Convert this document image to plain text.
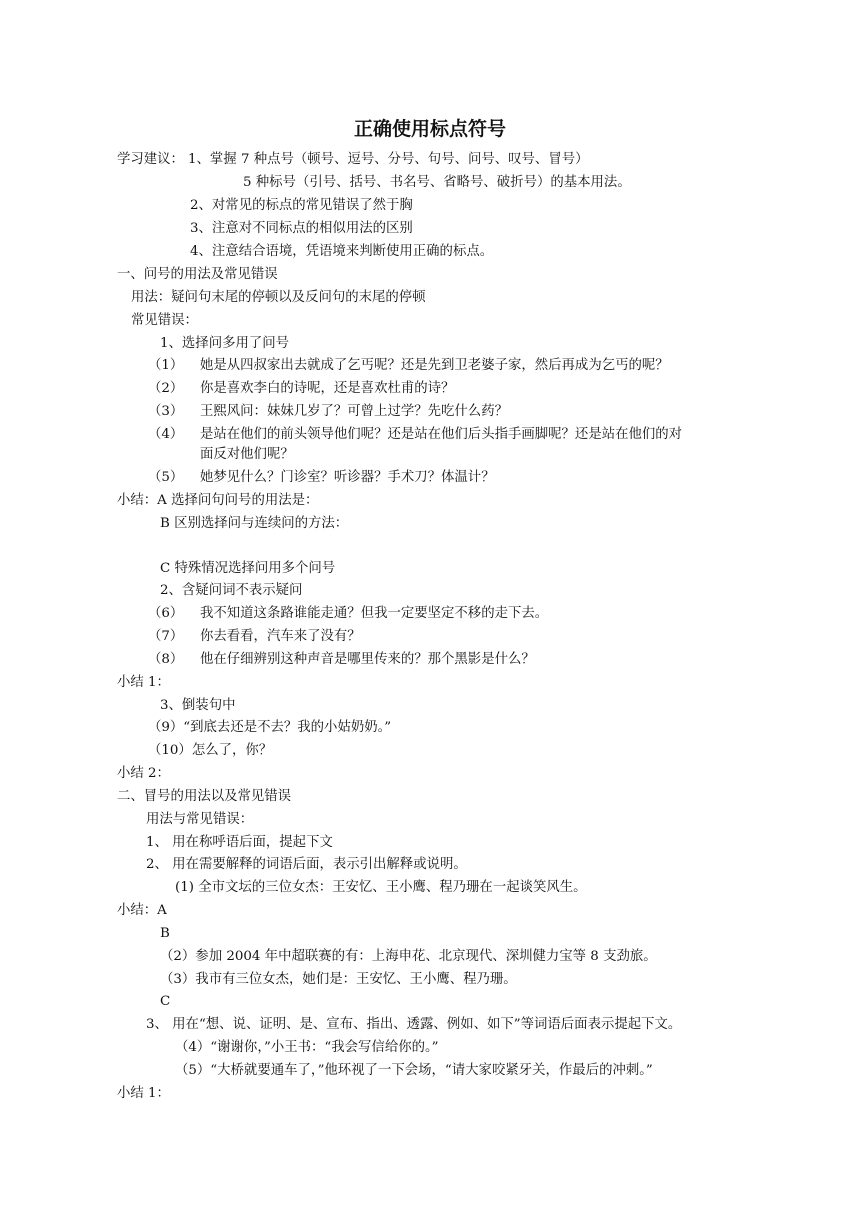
正确使用标点符号
学习建议： 1、掌握 7 种点号（顿号、逗号、分号、句号、问号、叹号、冒号）
5 种标号（引号、括号、书名号、省略号、破折号）的基本用法。
2、对常见的标点的常见错误了然于胸
3、注意对不同标点的相似用法的区别
4、注意结合语境，凭语境来判断使用正确的标点。
一、问号的用法及常见错误
用法：疑问句末尾的停顿以及反问句的末尾的停顿
常见错误：
1、选择问多用了问号
（1） 她是从四叔家出去就成了乞丐呢？还是先到卫老婆子家，然后再成为乞丐的呢？
（2） 你是喜欢李白的诗呢，还是喜欢杜甫的诗？
（3） 王熙风问：妹妹几岁了？可曾上过学？先吃什么药？
（4） 是站在他们的前头领导他们呢？还是站在他们后头指手画脚呢？还是站在他们的对
面反对他们呢？
（5） 她梦见什么？门诊室？听诊器？手术刀？体温计？
小结：A 选择问句问号的用法是：
B 区别选择问与连续问的方法：
C 特殊情况选择问用多个问号
2、含疑问词不表示疑问
（6） 我不知道这条路谁能走通？但我一定要坚定不移的走下去。
（7） 你去看看，汽车来了没有？
（8） 他在仔细辨别这种声音是哪里传来的？那个黑影是什么？
小结 1：
3、倒装句中
（9）“到底去还是不去？我的小姑奶奶。”
（10）怎么了，你？
小结 2：
二、冒号的用法以及常见错误
用法与常见错误：
1、 用在称呼语后面，提起下文
2、 用在需要解释的词语后面，表示引出解释或说明。
(1) 全市文坛的三位女杰：王安忆、王小鹰、程乃珊在一起谈笑风生。
小结：A
B
（2）参加 2004 年中超联赛的有：上海申花、北京现代、深圳健力宝等 8 支劲旅。
（3）我市有三位女杰，她们是：王安忆、王小鹰、程乃珊。
C
3、 用在“想、说、证明、是、宣布、指出、透露、例如、如下”等词语后面表示提起下文。
（4）“谢谢你，”小王书：“我会写信给你的。”
（5）“大桥就要通车了，”他环视了一下会场，“请大家咬紧牙关，作最后的冲刺。”
小结 1：
